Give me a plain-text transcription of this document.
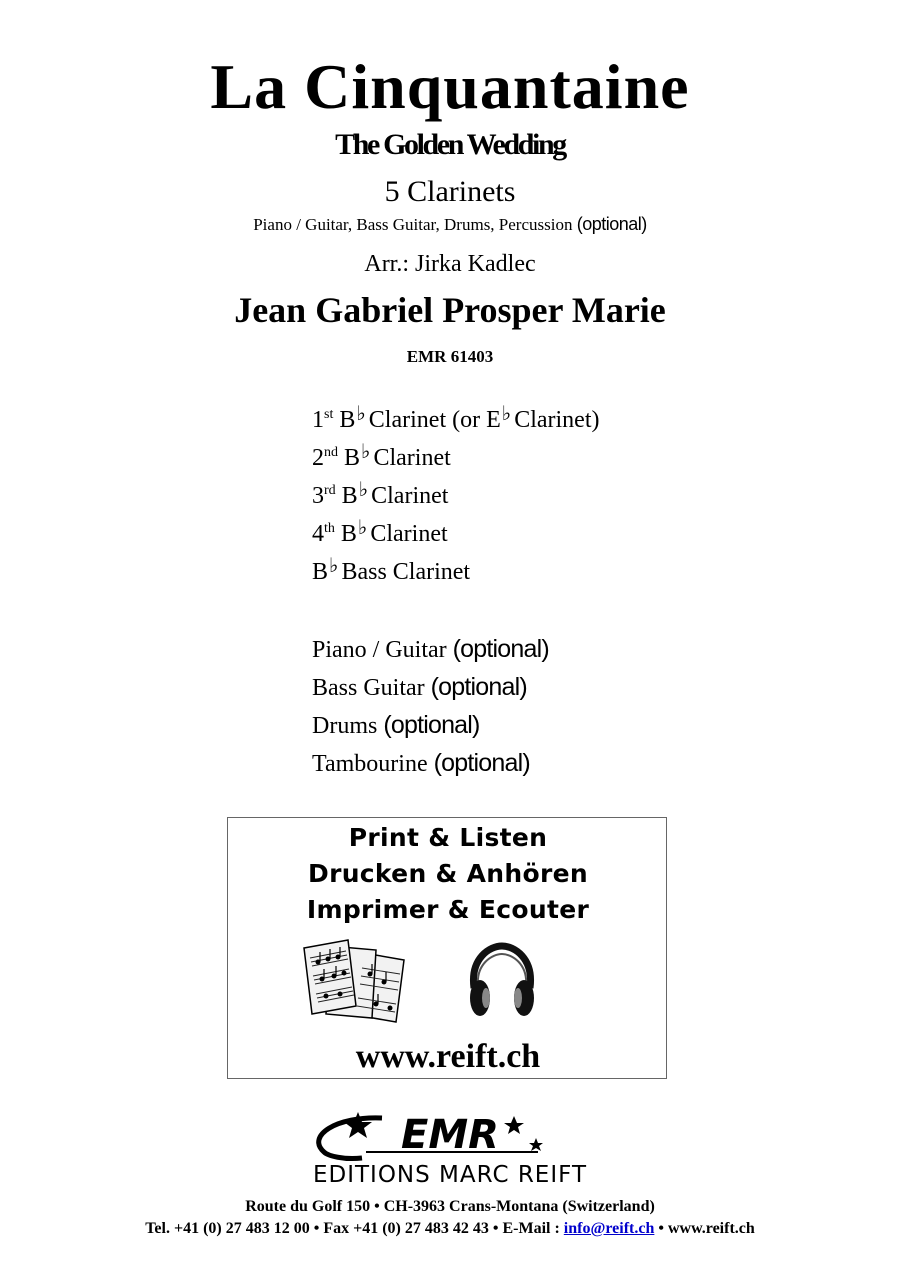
La Cinquantaine
The Golden Wedding
5 Clarinets
Piano / Guitar, Bass Guitar, Drums, Percussion (optional)
Arr.: Jirka Kadlec
Jean Gabriel Prosper Marie
EMR 61403
1st B♭ Clarinet (or E♭ Clarinet)
2nd B♭ Clarinet
3rd B♭ Clarinet
4th B♭ Clarinet
B♭ Bass Clarinet
Piano / Guitar (optional)
Bass Guitar (optional)
Drums (optional)
Tambourine (optional)
Print & Listen
Drucken & Anhören
Imprimer & Ecouter
www.reift.ch
EMR
EDITIONS MARC REIFT
Route du Golf 150 • CH-3963 Crans-Montana (Switzerland)
Tel. +41 (0) 27 483 12 00 • Fax +41 (0) 27 483 42 43 • E-Mail : info@reift.ch • www.reift.ch
